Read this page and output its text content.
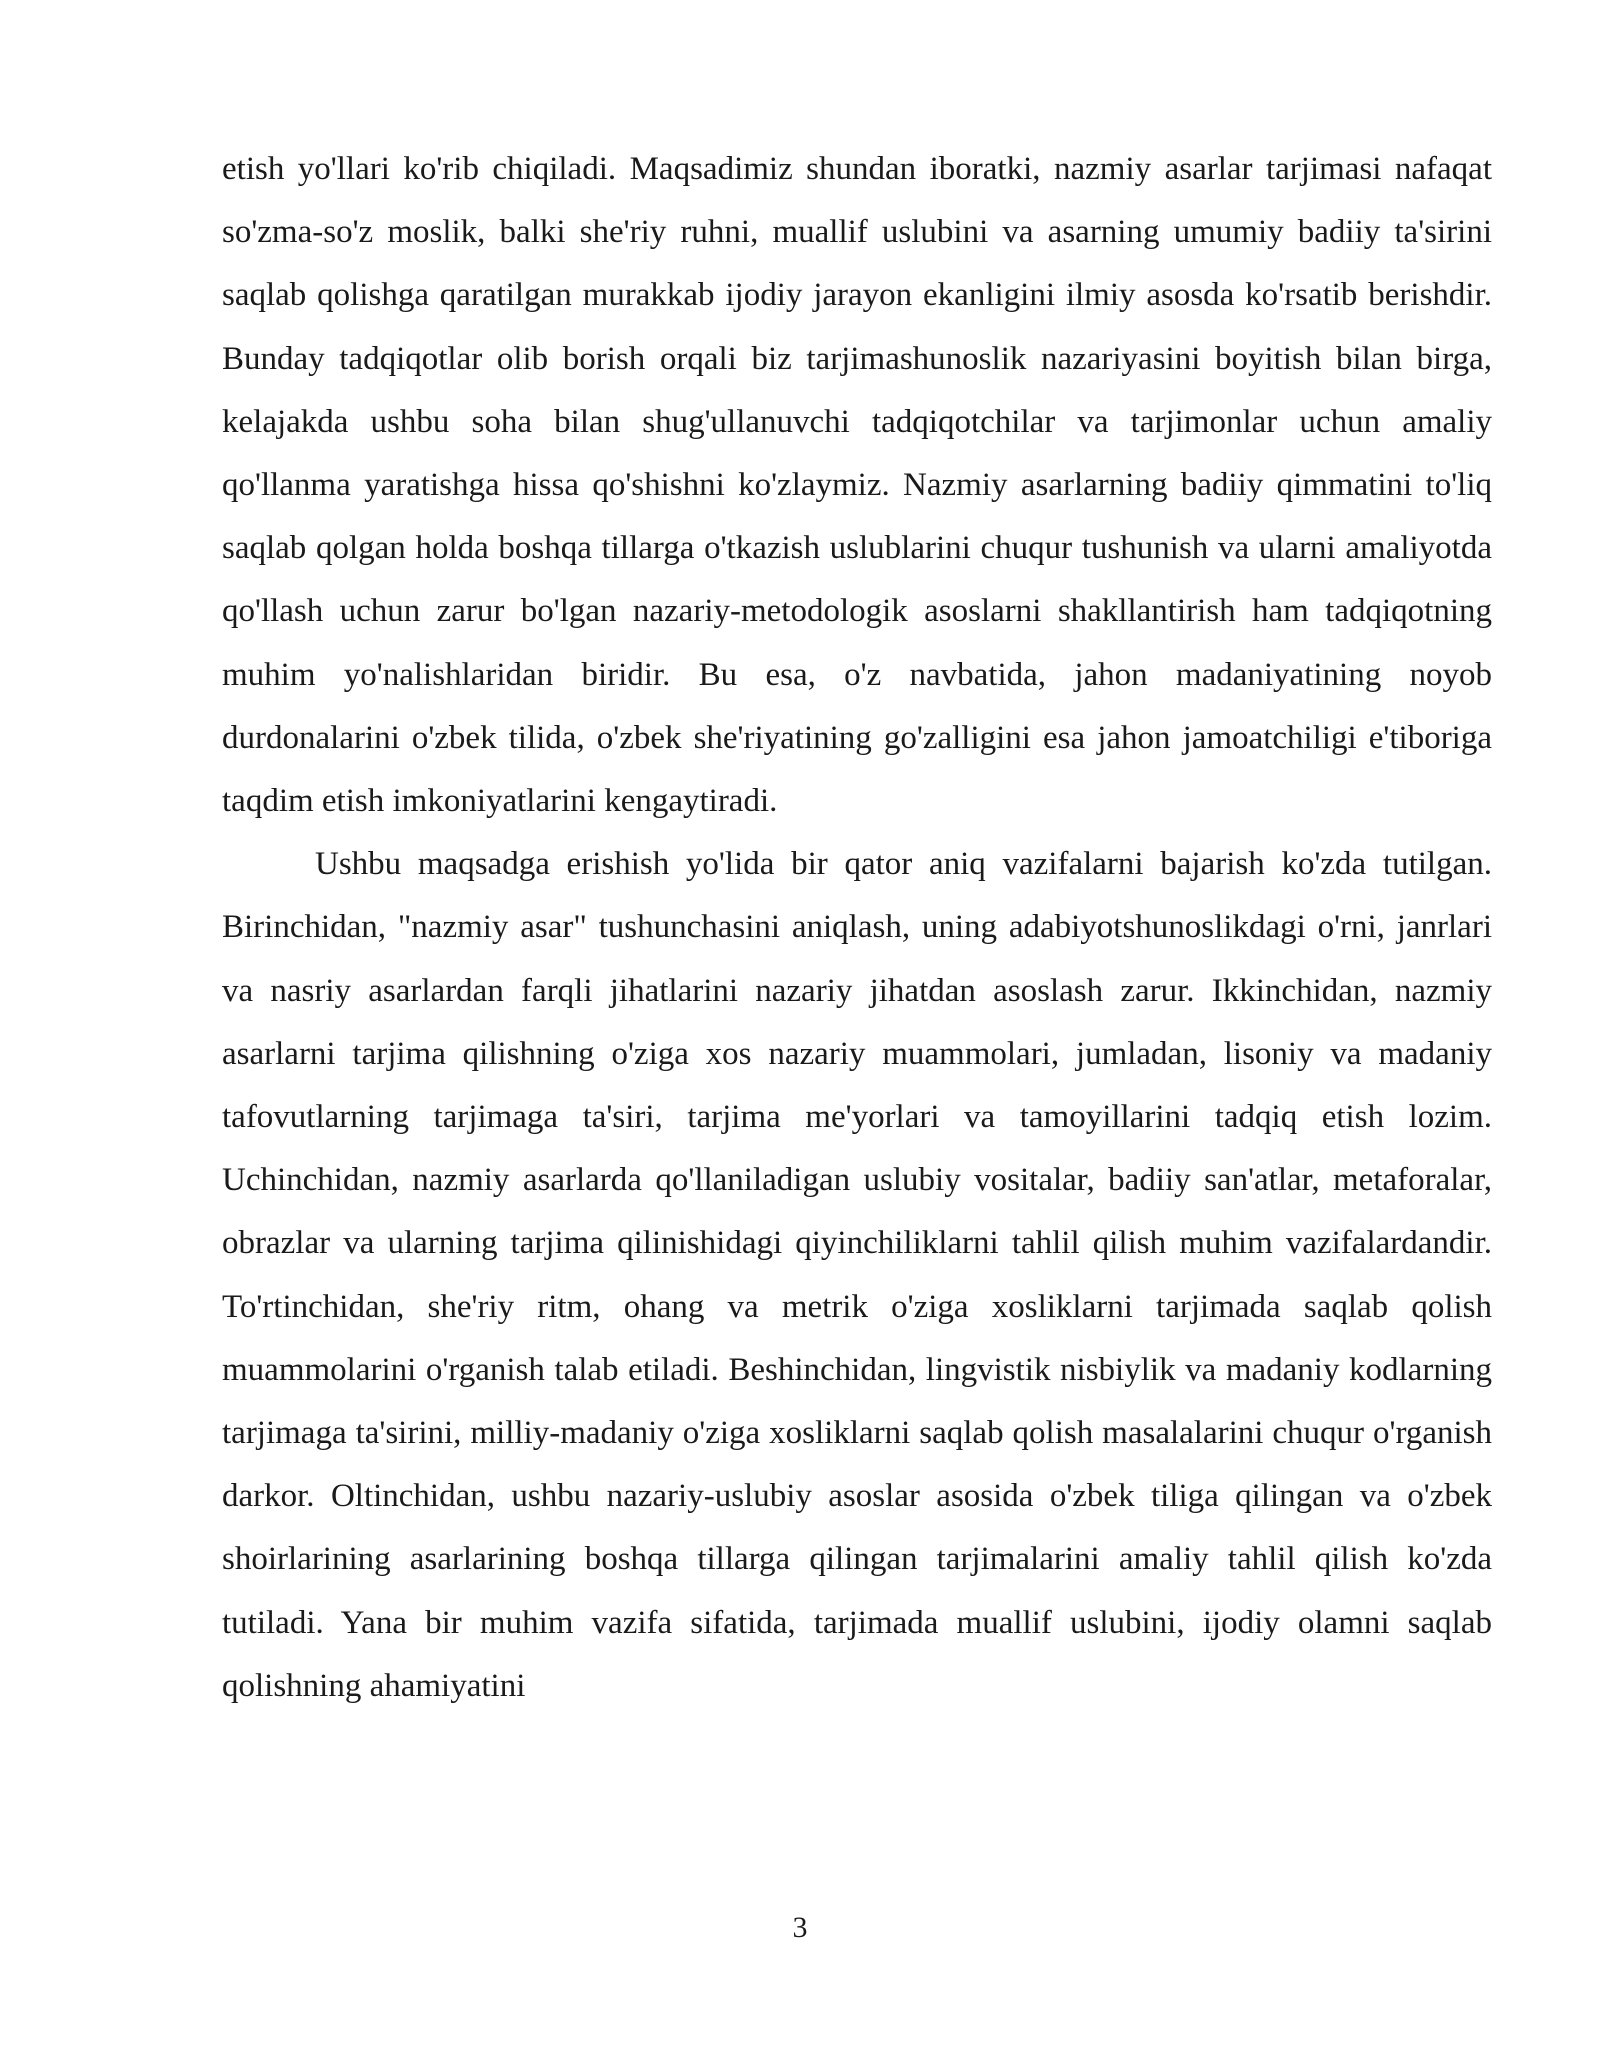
etish yo'llari ko'rib chiqiladi. Maqsadimiz shundan iboratki, nazmiy asarlar tarjimasi nafaqat so'zma-so'z moslik, balki she'riy ruhni, muallif uslubini va asarning umumiy badiiy ta'sirini saqlab qolishga qaratilgan murakkab ijodiy jarayon ekanligini ilmiy asosda ko'rsatib berishdir. Bunday tadqiqotlar olib borish orqali biz tarjimashunoslik nazariyasini boyitish bilan birga, kelajakda ushbu soha bilan shug'ullanuvchi tadqiqotchilar va tarjimonlar uchun amaliy qo'llanma yaratishga hissa qo'shishni ko'zlaymiz. Nazmiy asarlarning badiiy qimmatini to'liq saqlab qolgan holda boshqa tillarga o'tkazish uslublarini chuqur tushunish va ularni amaliyotda qo'llash uchun zarur bo'lgan nazariy-metodologik asoslarni shakllantirish ham tadqiqotning muhim yo'nalishlaridan biridir. Bu esa, o'z navbatida, jahon madaniyatining noyob durdonalarini o'zbek tilida, o'zbek she'riyatining go'zalligini esa jahon jamoatchiligi e'tiboriga taqdim etish imkoniyatlarini kengaytiradi.

Ushbu maqsadga erishish yo'lida bir qator aniq vazifalarni bajarish ko'zda tutilgan. Birinchidan, "nazmiy asar" tushunchasini aniqlash, uning adabiyotshunoslikdagi o'rni, janrlari va nasriy asarlardan farqli jihatlarini nazariy jihatdan asoslash zarur. Ikkinchidan, nazmiy asarlarni tarjima qilishning o'ziga xos nazariy muammolari, jumladan, lisoniy va madaniy tafovutlarning tarjimaga ta'siri, tarjima me'yorlari va tamoyillarini tadqiq etish lozim. Uchinchidan, nazmiy asarlarda qo'llaniladigan uslubiy vositalar, badiiy san'atlar, metaforalar, obrazlar va ularning tarjima qilinishidagi qiyinchiliklarni tahlil qilish muhim vazifalardandir. To'rtinchidan, she'riy ritm, ohang va metrik o'ziga xosliklarni tarjimada saqlab qolish muammolarini o'rganish talab etiladi. Beshinchidan, lingvistik nisbiylik va madaniy kodlarning tarjimaga ta'sirini, milliy-madaniy o'ziga xosliklarni saqlab qolish masalalarini chuqur o'rganish darkor. Oltinchidan, ushbu nazariy-uslubiy asoslar asosida o'zbek tiliga qilingan va o'zbek shoirlarining asarlarining boshqa tillarga qilingan tarjimalarini amaliy tahlil qilish ko'zda tutiladi. Yana bir muhim vazifa sifatida, tarjimada muallif uslubini, ijodiy olamni saqlab qolishning ahamiyatini

3
